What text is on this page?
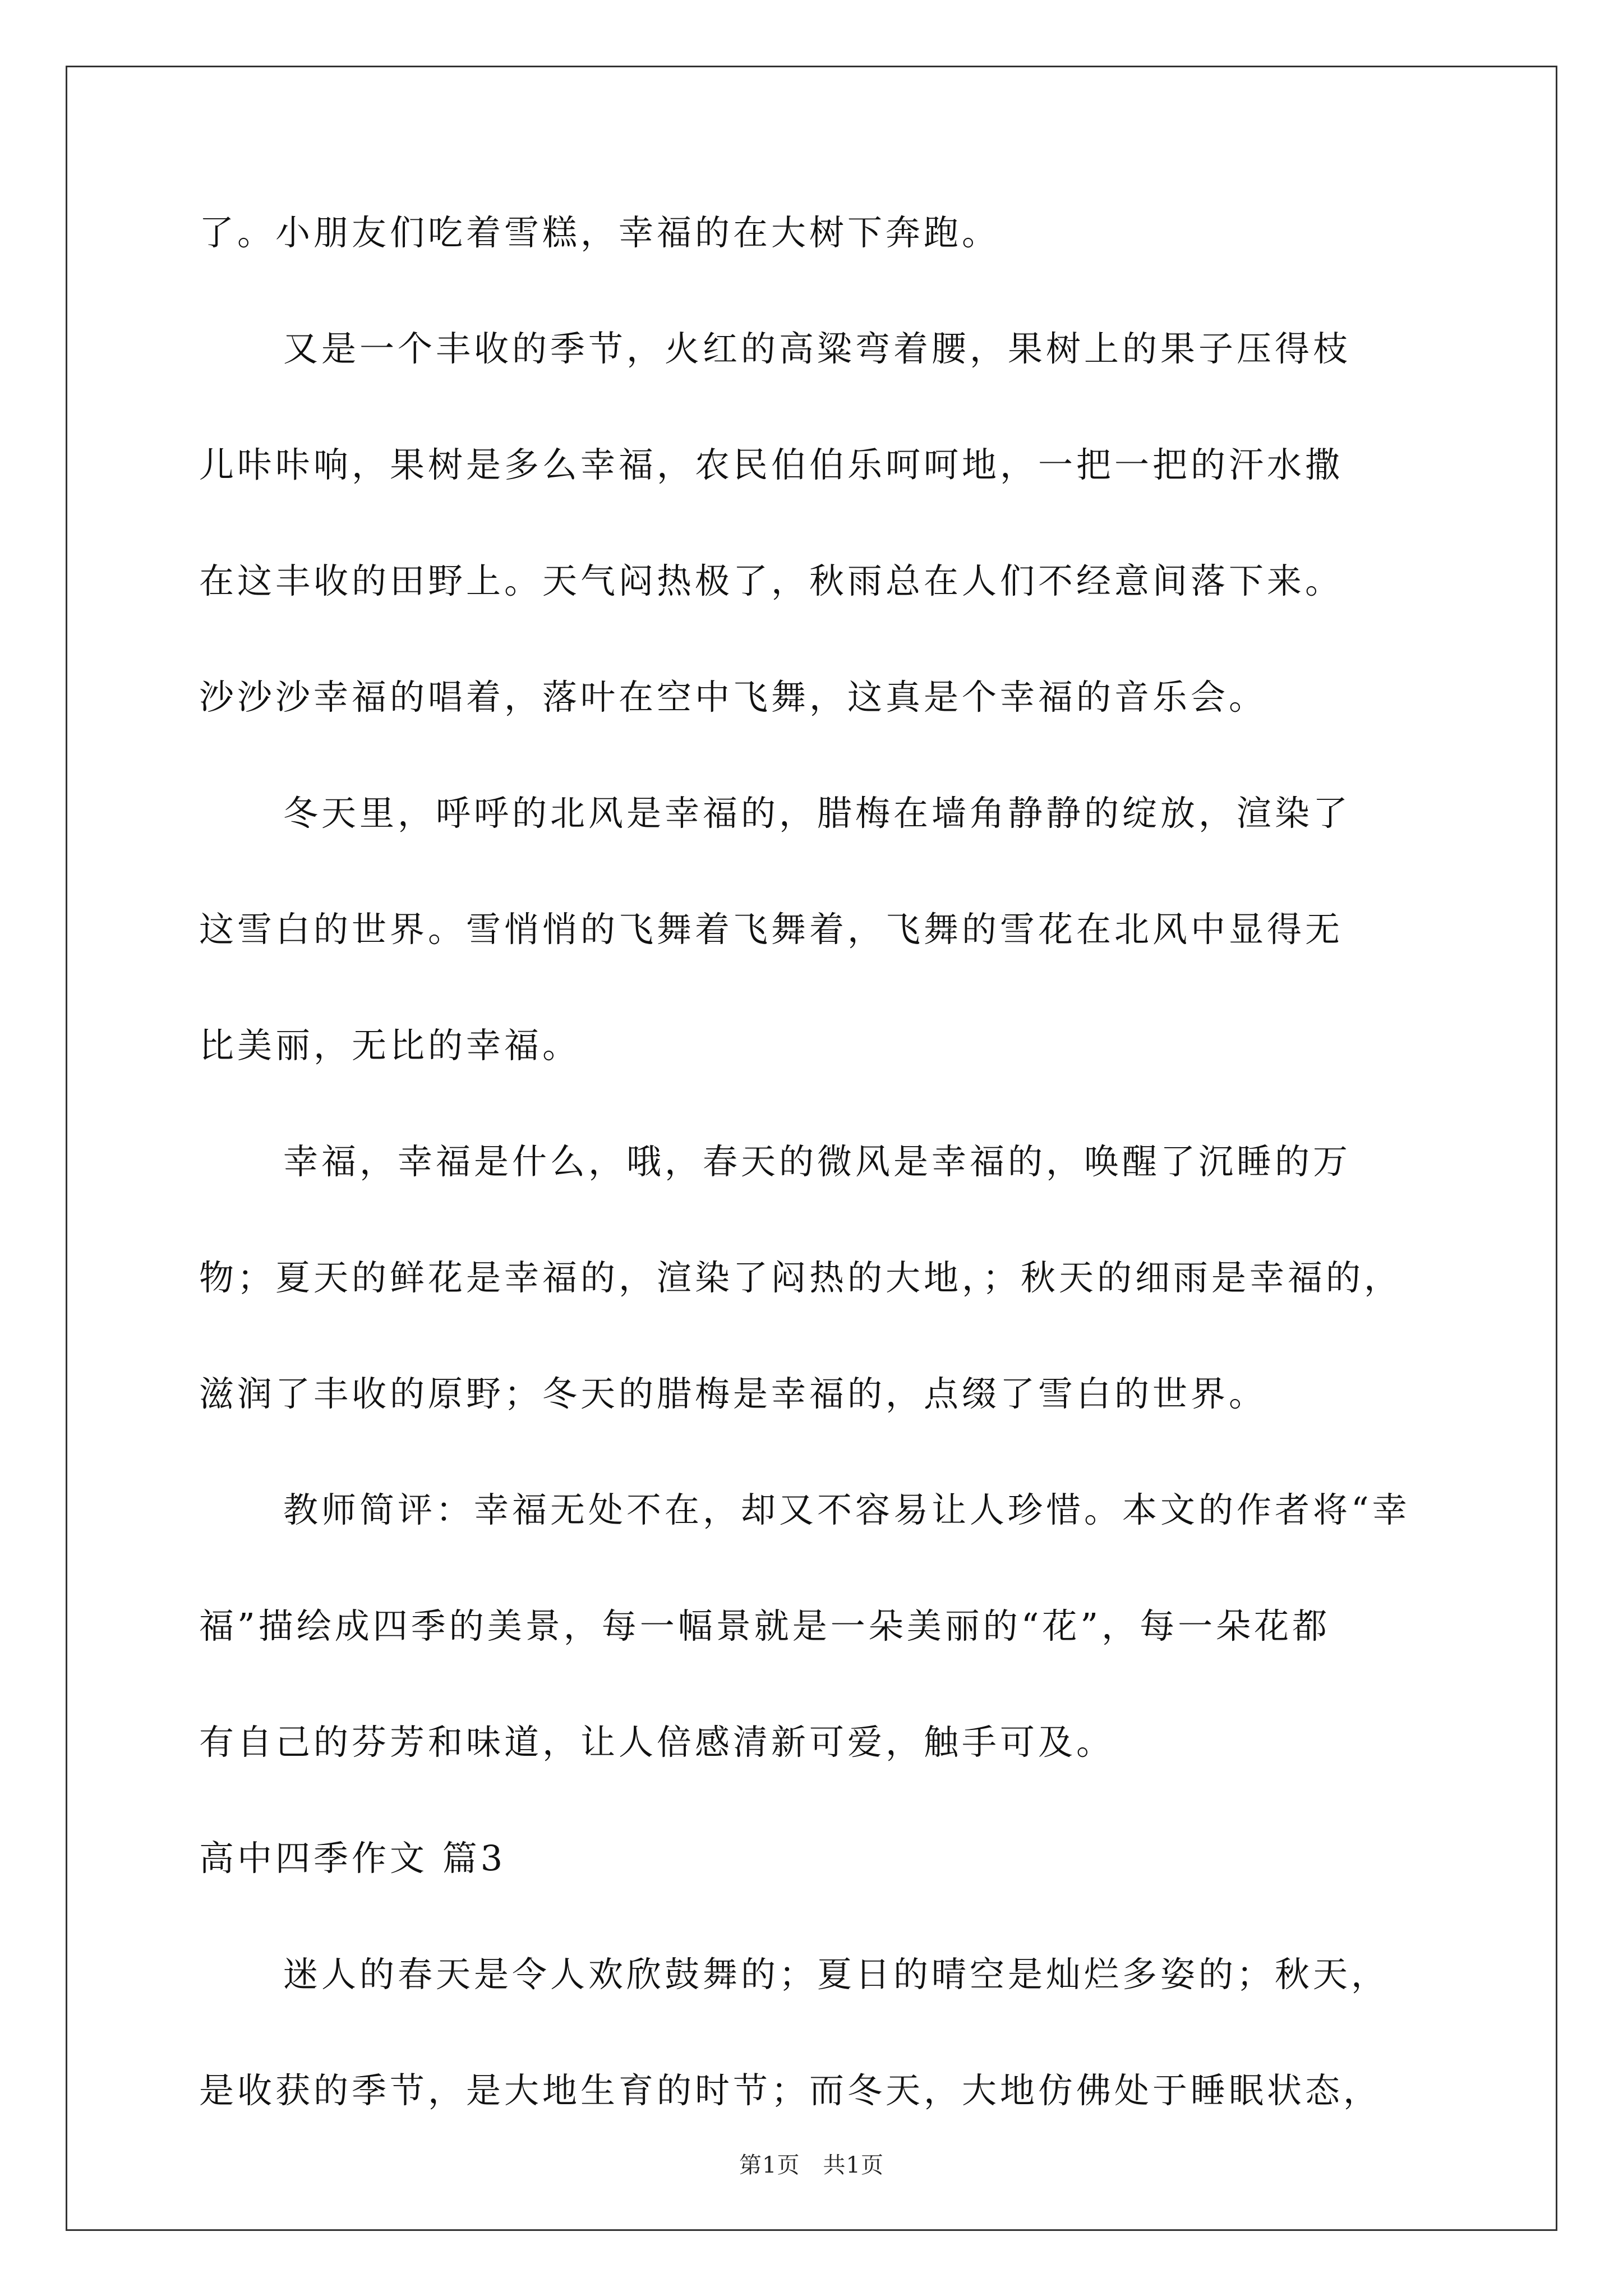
了。小朋友们吃着雪糕，幸福的在大树下奔跑。
又是一个丰收的季节，火红的高粱弯着腰，果树上的果子压得枝
儿咔咔响，果树是多么幸福，农民伯伯乐呵呵地，一把一把的汗水撒
在这丰收的田野上。天气闷热极了，秋雨总在人们不经意间落下来。
沙沙沙幸福的唱着，落叶在空中飞舞，这真是个幸福的音乐会。
冬天里，呼呼的北风是幸福的，腊梅在墙角静静的绽放，渲染了
这雪白的世界。雪悄悄的飞舞着飞舞着，飞舞的雪花在北风中显得无
比美丽，无比的幸福。
幸福，幸福是什么，哦，春天的微风是幸福的，唤醒了沉睡的万
物；夏天的鲜花是幸福的，渲染了闷热的大地，；秋天的细雨是幸福的，
滋润了丰收的原野；冬天的腊梅是幸福的，点缀了雪白的世界。
教师简评：幸福无处不在，却又不容易让人珍惜。本文的作者将“幸
福”描绘成四季的美景，每一幅景就是一朵美丽的“花”，每一朵花都
有自己的芬芳和味道，让人倍感清新可爱，触手可及。
高中四季作文 篇3
迷人的春天是令人欢欣鼓舞的；夏日的晴空是灿烂多姿的；秋天，
是收获的季节，是大地生育的时节；而冬天，大地仿佛处于睡眠状态，
第1页　共1页
